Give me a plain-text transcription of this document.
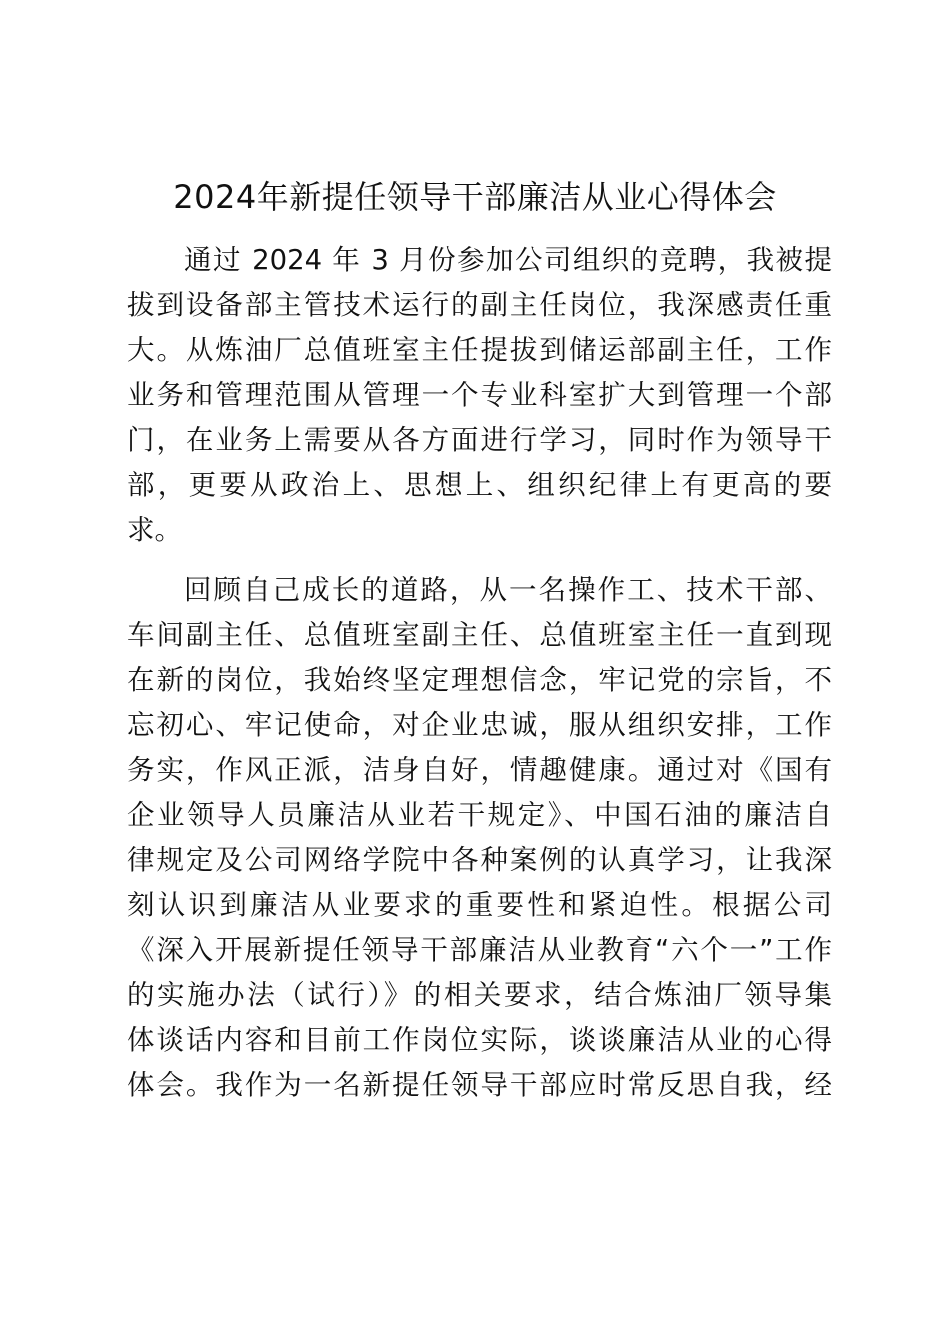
2024年新提任领导干部廉洁从业心得体会
通过 2024 年 3 月份参加公司组织的竞聘，我被提
拔到设备部主管技术运行的副主任岗位，我深感责任重
大。从炼油厂总值班室主任提拔到储运部副主任，工作
业务和管理范围从管理一个专业科室扩大到管理一个部
门，在业务上需要从各方面进行学习，同时作为领导干
部，更要从政治上、思想上、组织纪律上有更高的要
求。
回顾自己成长的道路，从一名操作工、技术干部、
车间副主任、总值班室副主任、总值班室主任一直到现
在新的岗位，我始终坚定理想信念，牢记党的宗旨，不
忘初心、牢记使命，对企业忠诚，服从组织安排，工作
务实，作风正派，洁身自好，情趣健康。通过对《国有
企业领导人员廉洁从业若干规定》、中国石油的廉洁自
律规定及公司网络学院中各种案例的认真学习，让我深
刻认识到廉洁从业要求的重要性和紧迫性。根据公司
《深入开展新提任领导干部廉洁从业教育“六个一”工作
的实施办法（试行）》的相关要求，结合炼油厂领导集
体谈话内容和目前工作岗位实际，谈谈廉洁从业的心得
体会。我作为一名新提任领导干部应时常反思自我，经
